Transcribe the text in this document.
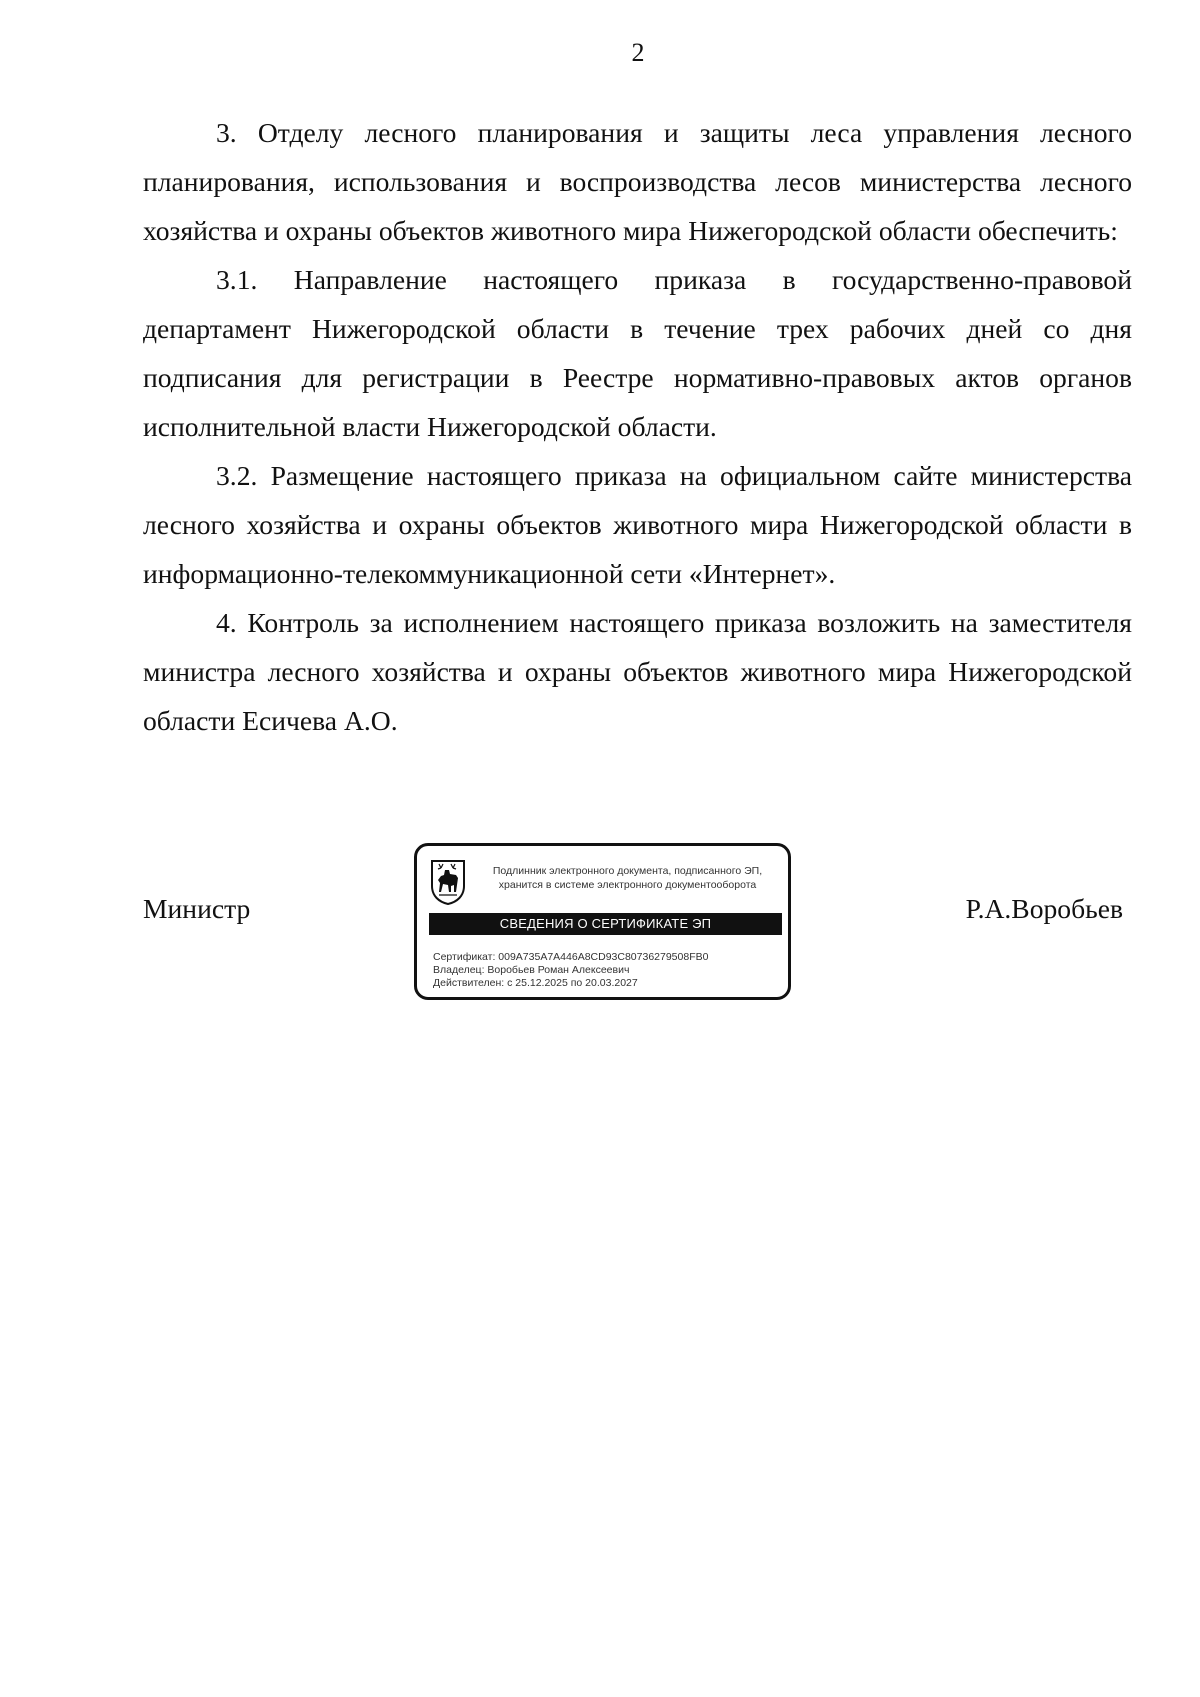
2

3. Отделу лесного планирования и защиты леса управления лесного планирования, использования и воспроизводства лесов министерства лесного хозяйства и охраны объектов животного мира Нижегородской области обеспечить:

3.1. Направление настоящего приказа в государственно-правовой департамент Нижегородской области в течение трех рабочих дней со дня подписания для регистрации в Реестре нормативно-правовых актов органов исполнительной власти Нижегородской области.

3.2. Размещение настоящего приказа на официальном сайте министерства лесного хозяйства и охраны объектов животного мира Нижегородской области в информационно-телекоммуникационной сети «Интернет».

4. Контроль за исполнением настоящего приказа возложить на заместителя министра лесного хозяйства и охраны объектов животного мира Нижегородской области Есичева А.О.

Министр
Подлинник электронного документа, подписанного ЭП,
хранится в системе электронного документооборота
СВЕДЕНИЯ О СЕРТИФИКАТЕ ЭП
Сертификат: 009A735A7A446A8CD93C80736279508FB0
Владелец: Воробьев Роман Алексеевич
Действителен: с 25.12.2025 по 20.03.2027
Р.А.Воробьев
